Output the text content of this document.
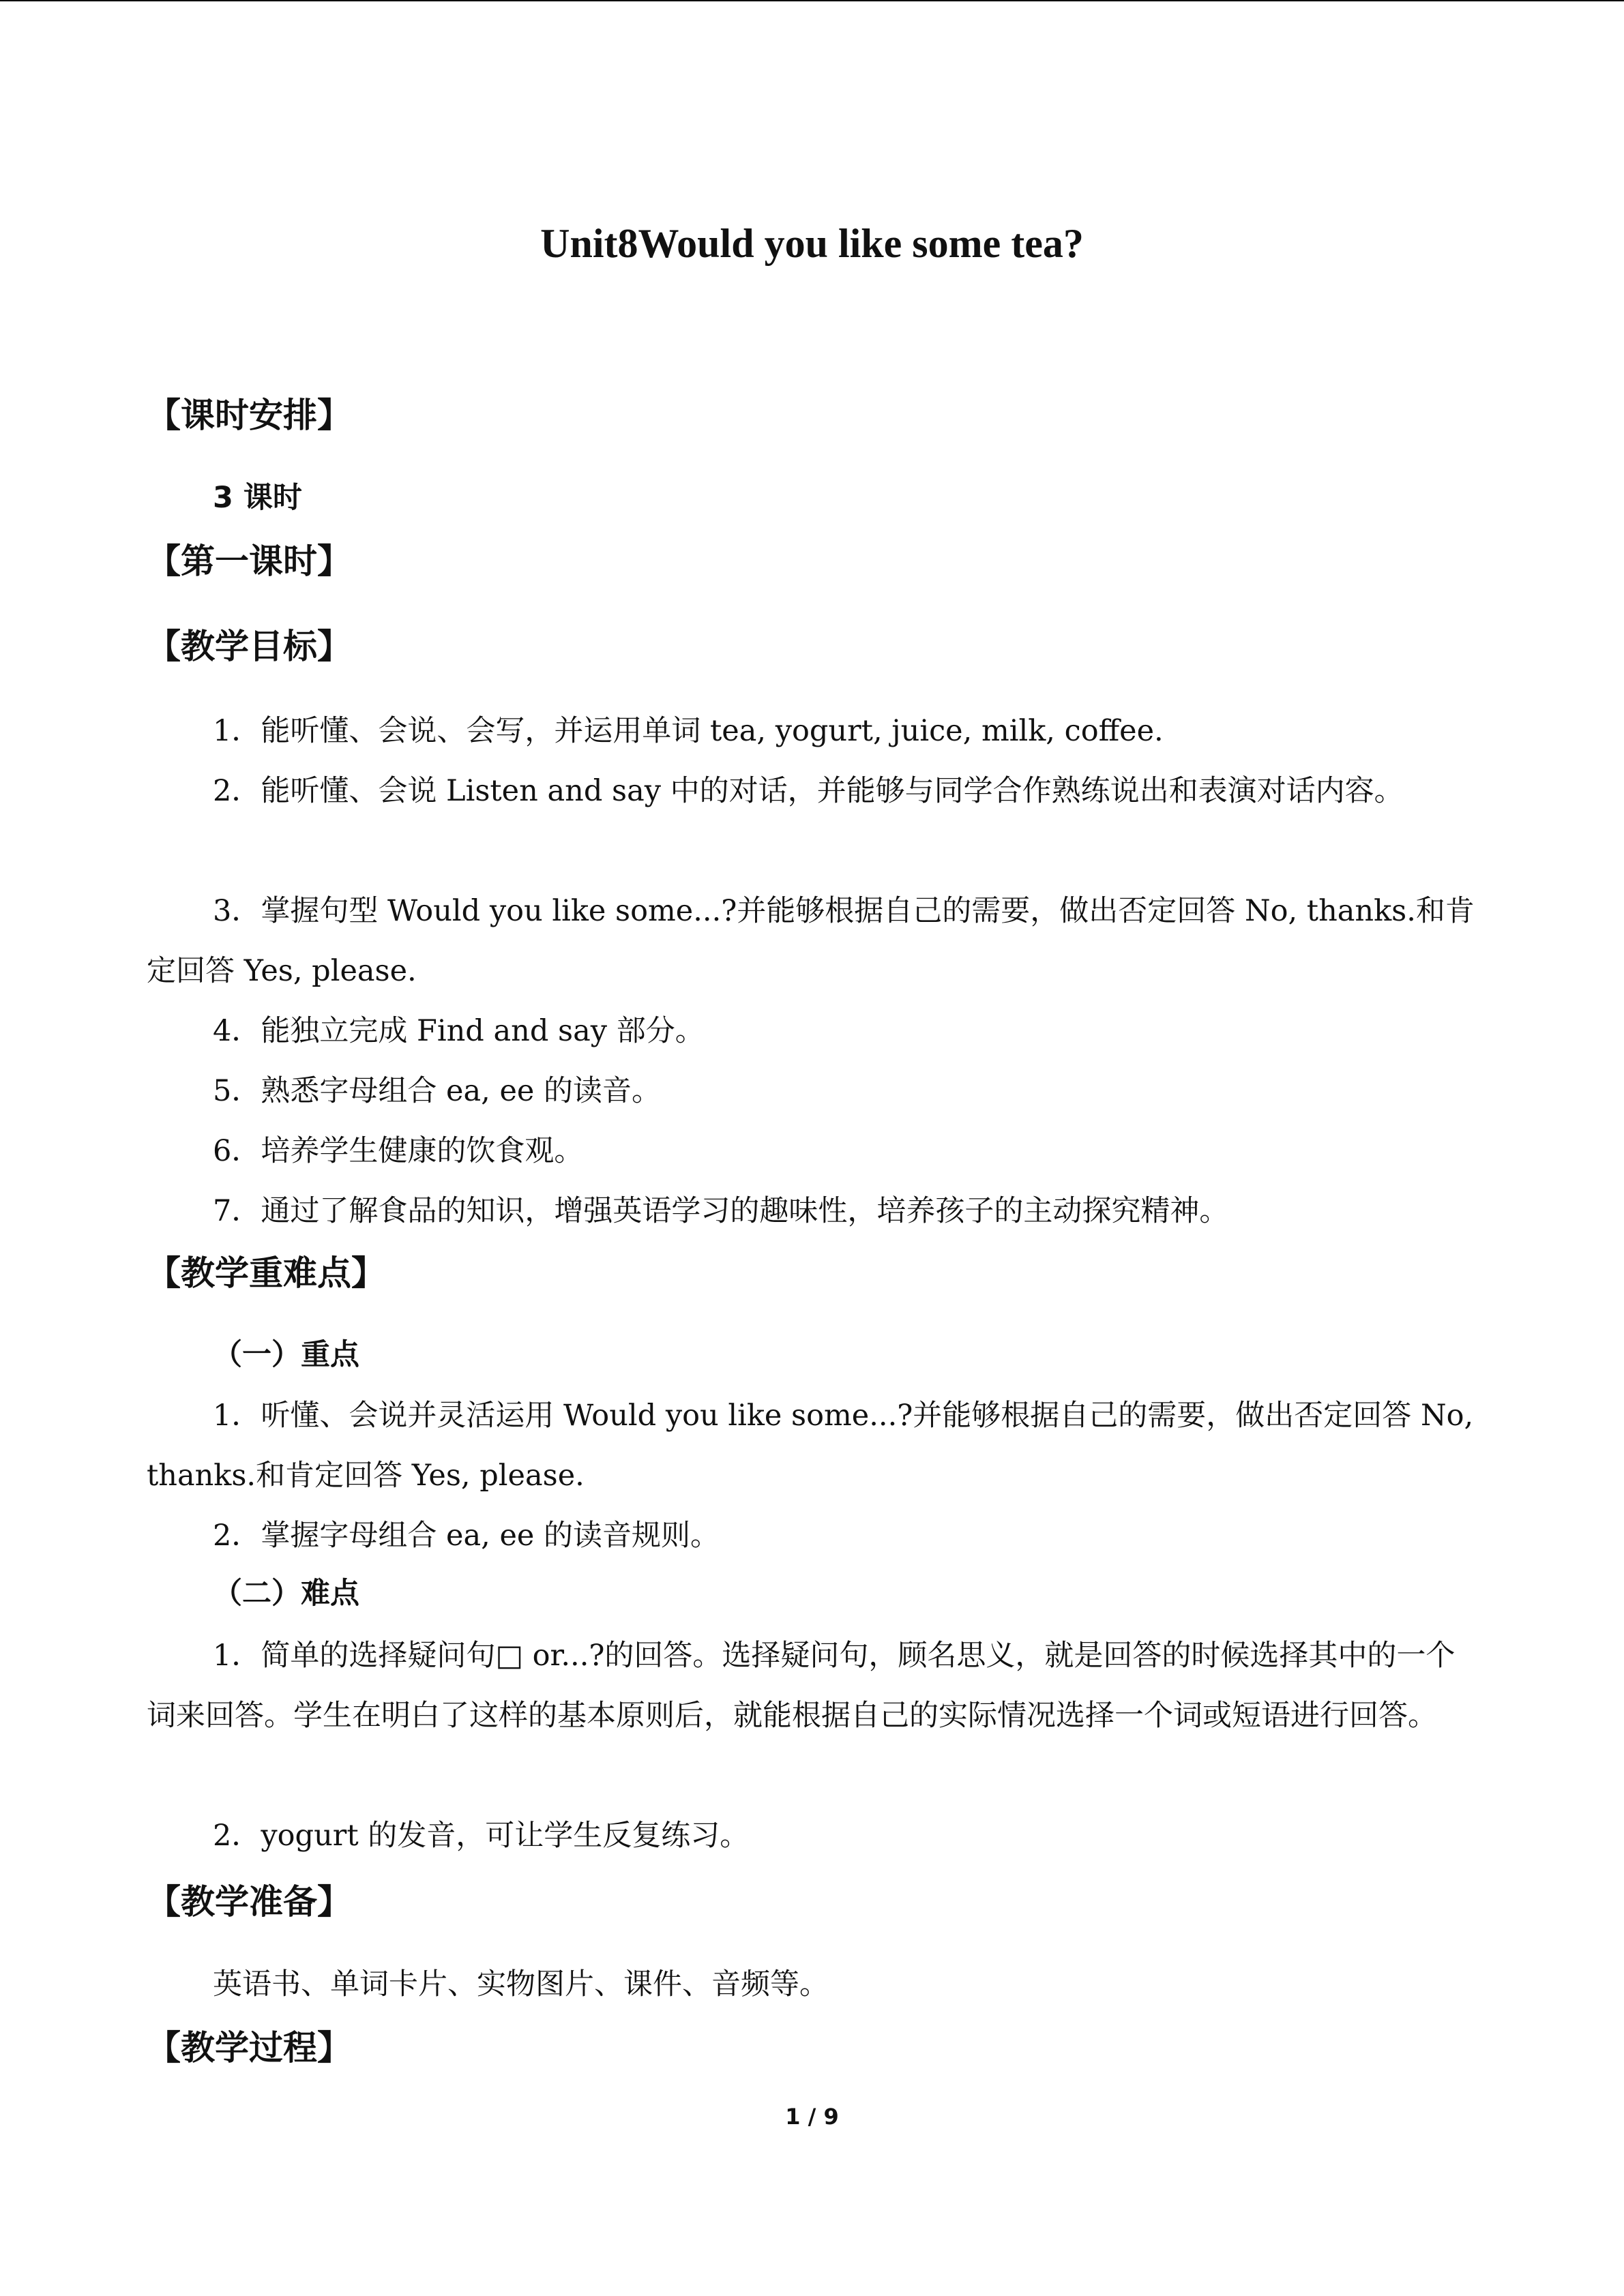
Unit8Would you like some tea?
【课时安排】
3 课时
【第一课时】
【教学目标】

1．能听懂、会说、会写，并运用单词 tea, yogurt, juice, milk, coffee.

2．能听懂、会说 Listen and say 中的对话，并能够与同学合作熟练说出和表演对话内容。

3．掌握句型 Would you like some...?并能够根据自己的需要，做出否定回答 No, thanks.和肯定回答 Yes, please.

4．能独立完成 Find and say 部分。

5．熟悉字母组合 ea, ee 的读音。

6．培养学生健康的饮食观。

7．通过了解食品的知识，增强英语学习的趣味性，培养孩子的主动探究精神。

【教学重难点】
（一）重点

1．听懂、会说并灵活运用 Would you like some...?并能够根据自己的需要，做出否定回答 No, thanks.和肯定回答 Yes, please.

2．掌握字母组合 ea, ee 的读音规则。

（二）难点

1．简单的选择疑问句□ or...?的回答。选择疑问句，顾名思义，就是回答的时候选择其中的一个词来回答。学生在明白了这样的基本原则后，就能根据自己的实际情况选择一个词或短语进行回答。

2．yogurt 的发音，可让学生反复练习。

【教学准备】

英语书、单词卡片、实物图片、课件、音频等。

【教学过程】
1 / 9
